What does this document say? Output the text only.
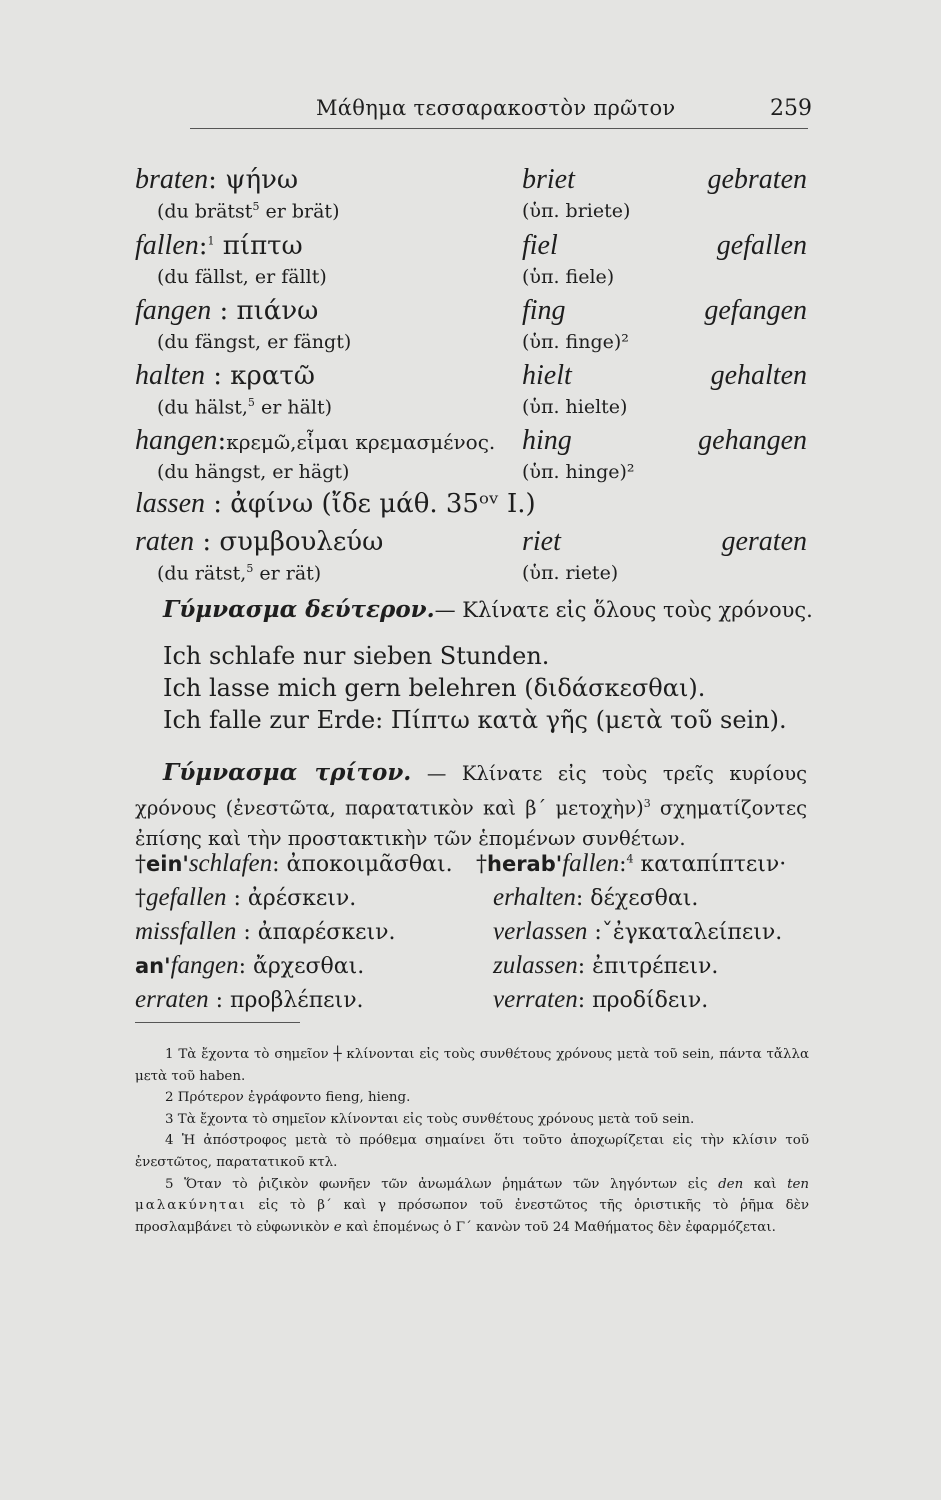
Μάθημα τεσσαρακοστὸν πρῶτον	259
braten: ψήνω
(du brätst$^5$ er brät)
briet
(ὑπ. briete)
gebraten
fallen:$^1$ πίπτω
(du fällst, er fällt)
fiel
(ὑπ. fiele)
gefallen
fangen : πιάνω
(du fängst, er fängt)
fing
(ὑπ. finge)²
gefangen
halten : κρατῶ
(du hälst,$^5$ er hält)
hielt
(ὑπ. hielte)
gehalten
hangen:κρεμῶ,εἶμαι κρεμασμένος.
(du hängst, er hägt)
hing
(ὑπ. hinge)²
gehangen
lassen : ἀφίνω (ἴδε μάθ. 35ᵒᵛ I.)
raten : συμβουλεύω
(du rätst,$^5$ er rät)
riet
(ὑπ. riete)
geraten
Γύμνασμα δεύτερον.— Κλίνατε εἰς ὅλους τοὺς χρόνους.
Ich schlafe nur sieben Stunden.
Ich lasse mich gern belehren (διδάσκεσθαι).
Ich falle zur Erde: Πίπτω κατὰ γῆς (μετὰ τοῦ sein).
Γύμνασμα τρίτον. — Κλίνατε εἰς τοὺς τρεῖς κυρίους χρόνους (ἐνεστῶτα, παρατατικὸν καὶ β΄ μετοχὴν)$^3$ σχηματίζοντες ἐπίσης καὶ τὴν προστακτικὴν τῶν ἑπομένων συνθέτων.
†ein'schlafen: ἀποκοιμᾶσθαι.
†gefallen : ἀρέσκειν.
missfallen : ἀπαρέσκειν.
an'fangen: ἄρχεσθαι.
erraten : προβλέπειν.
†herab'fallen:$^4$ καταπίπτειν·
erhalten: δέχεσθαι.
verlassen :ˇἐγκαταλείπειν.
zulassen: ἐπιτρέπειν.
verraten: προδίδειν.

1 Τὰ ἔχοντα τὸ σημεῖον ┼ κλίνονται εἰς τοὺς συνθέτους χρόνους μετὰ τοῦ sein, πάντα τἄλλα μετὰ τοῦ haben.

2 Πρότερον ἐγράφοντο fieng, hieng.

3 Τὰ ἔχοντα τὸ σημεῖον κλίνονται εἰς τοὺς συνθέτους χρόνους μετὰ τοῦ sein.

4 Ἡ ἀπόστροφος μετὰ τὸ πρόθεμα σημαίνει ὅτι τοῦτο ἀποχωρίζεται εἰς τὴν κλίσιν τοῦ ἐνεστῶτος, παρατατικοῦ κτλ.

5 Ὅταν τὸ ῥιζικὸν φωνῆεν τῶν ἀνωμάλων ῥημάτων τῶν ληγόντων εἰς den καὶ ten μαλακύνηται εἰς τὸ β΄ καὶ γ πρόσωπον τοῦ ἐνεστῶτος τῆς ὁριστικῆς τὸ ῥῆμα δὲν προσλαμβάνει τὸ εὐφωνικὸν e καὶ ἑπομένως ὁ Γ΄ κανὼν τοῦ 24 Μαθήματος δὲν ἐφαρμόζεται.
